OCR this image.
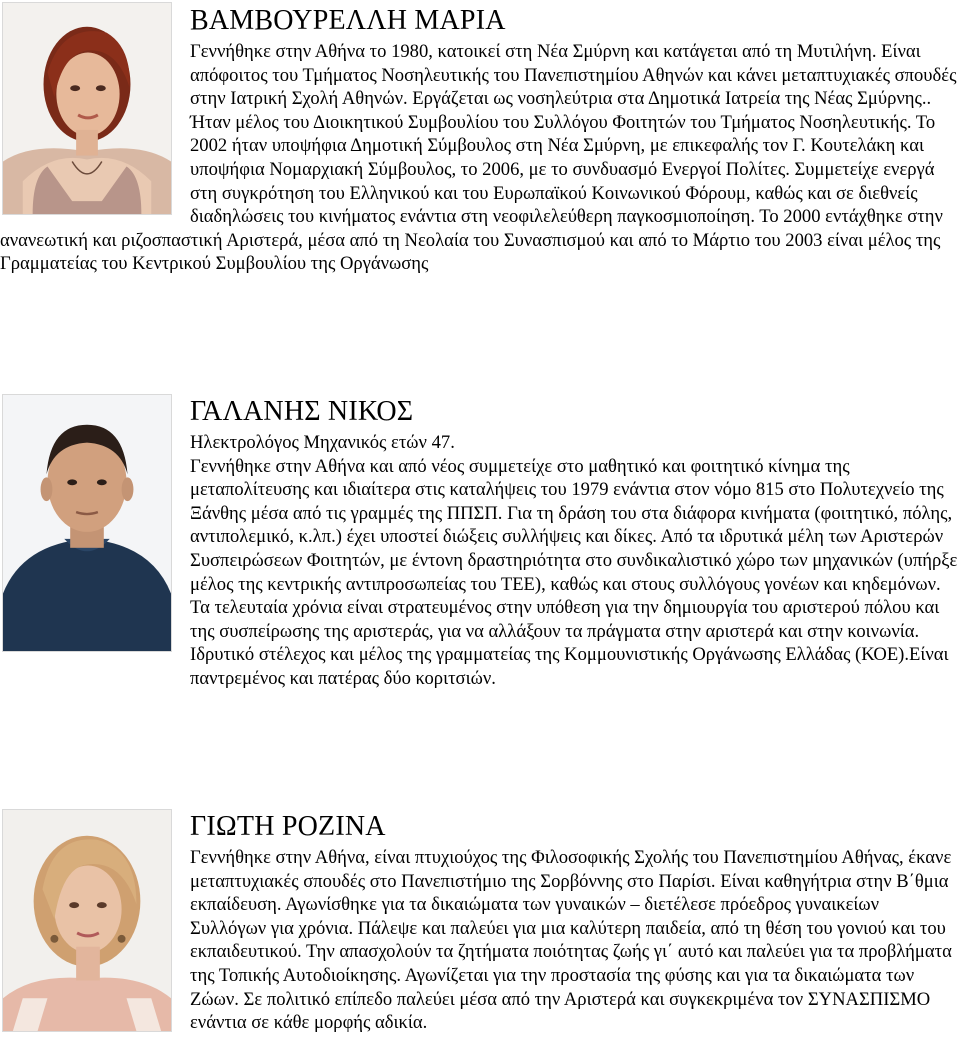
ΒΑΜΒΟΥΡΕΛΛΗ ΜΑΡΙΑ

Γεννήθηκε στην Αθήνα το 1980, κατοικεί στη Νέα Σμύρνη και κατάγεται από τη Μυτιλήνη. Είναι απόφοιτος του Τμήματος Νοσηλευτικής του Πανεπιστημίου Αθηνών και κάνει μεταπτυχιακές σπουδές στην Ιατρική Σχολή Αθηνών. Εργάζεται ως νοσηλεύτρια στα Δημοτικά Ιατρεία της Νέας Σμύρνης.. Ήταν μέλος του Διοικητικού Συμβουλίου του Συλλόγου Φοιτητών του Τμήματος Νοσηλευτικής. Το 2002 ήταν υποψήφια Δημοτική Σύμβουλος στη Νέα Σμύρνη, με επικεφαλής τον Γ. Κουτελάκη και υποψήφια Νομαρχιακή Σύμβουλος, το 2006, με το συνδυασμό Ενεργοί Πολίτες. Συμμετείχε ενεργά στη συγκρότηση του Ελληνικού και του Ευρωπαϊκού Κοινωνικού Φόρουμ, καθώς και σε διεθνείς διαδηλώσεις του κινήματος ενάντια στη νεοφιλελεύθερη παγκοσμιοποίηση. Το 2000 εντάχθηκε στην ανανεωτική και ριζοσπαστική Αριστερά, μέσα από τη Νεολαία του Συνασπισμού και από το Μάρτιο του 2003 είναι μέλος της Γραμματείας του Κεντρικού Συμβουλίου της Οργάνωσης

ΓΑΛΑΝΗΣ ΝΙΚΟΣ

Ηλεκτρολόγος Μηχανικός ετών 47.
Γεννήθηκε στην Αθήνα και από νέος συμμετείχε στο μαθητικό και φοιτητικό κίνημα της μεταπολίτευσης και ιδιαίτερα στις καταλήψεις του 1979 ενάντια στον νόμο 815 στο Πολυτεχνείο της Ξάνθης μέσα από τις γραμμές της ΠΠΣΠ. Για τη δράση του στα διάφορα κινήματα (φοιτητικό, πόλης, αντιπολεμικό, κ.λπ.) έχει υποστεί διώξεις συλλήψεις και δίκες. Από τα ιδρυτικά μέλη των Αριστερών Συσπειρώσεων Φοιτητών, με έντονη δραστηριότητα στο συνδικαλιστικό χώρο των μηχανικών (υπήρξε μέλος της κεντρικής αντιπροσωπείας του ΤΕΕ), καθώς και στους συλλόγους γονέων και κηδεμόνων. Τα τελευταία χρόνια είναι στρατευμένος στην υπόθεση για την δημιουργία του αριστερού πόλου και της συσπείρωσης της αριστεράς, για να αλλάξουν τα πράγματα στην αριστερά και στην κοινωνία. Ιδρυτικό στέλεχος και μέλος της γραμματείας της Κομμουνιστικής Οργάνωσης Ελλάδας (ΚΟΕ).Είναι παντρεμένος και πατέρας δύο κοριτσιών.

ΓΙΩΤΗ ΡΟΖΙΝΑ

Γεννήθηκε στην Αθήνα, είναι πτυχιούχος της Φιλοσοφικής Σχολής του Πανεπιστημίου Αθήνας, έκανε μεταπτυχιακές σπουδές στο Πανεπιστήμιο της Σορβόννης στο Παρίσι. Είναι καθηγήτρια στην Β΄θμια εκπαίδευση. Αγωνίσθηκε για τα δικαιώματα των γυναικών – διετέλεσε πρόεδρος γυναικείων Συλλόγων για χρόνια. Πάλεψε και παλεύει για μια καλύτερη παιδεία, από τη θέση του γονιού και του εκπαιδευτικού. Την απασχολούν τα ζητήματα ποιότητας ζωής γι΄ αυτό και παλεύει για τα προβλήματα της Τοπικής Αυτοδιοίκησης. Αγωνίζεται για την προστασία της φύσης και για τα δικαιώματα των Ζώων. Σε πολιτικό επίπεδο παλεύει μέσα από την Αριστερά και συγκεκριμένα τον ΣΥΝΑΣΠΙΣΜΟ ενάντια σε κάθε μορφής αδικία.
